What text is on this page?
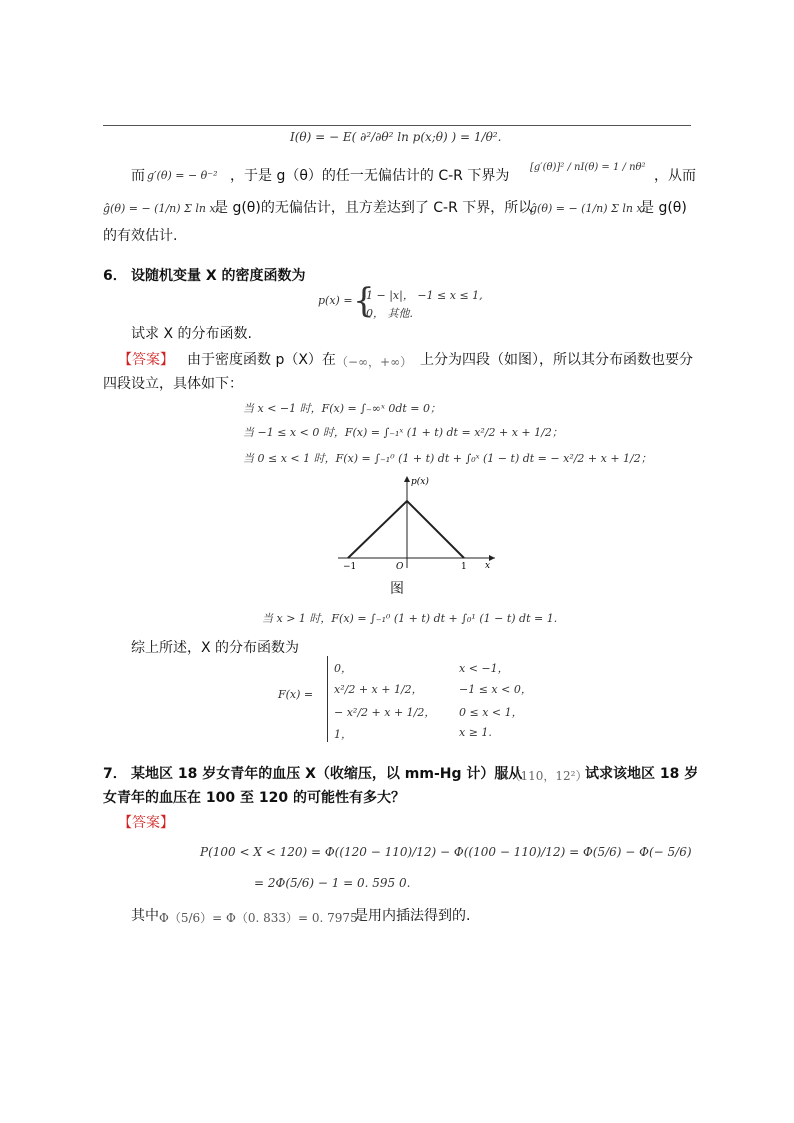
I(θ) = − E( ∂²/∂θ² ln p(x;θ) ) = 1/θ².
而 g′(θ) = − θ⁻² ，于是 g（θ）的任一无偏估计的 C-R 下界为
[g′(θ)]² / nI(θ) = 1 / nθ²
，从而
ĝ(θ) = − (1/n) Σ ln xᵢ
是 g(θ)的无偏估计，且方差达到了 C-R 下界，所以
ĝ(θ) = − (1/n) Σ ln xᵢ
是 g(θ)
的有效估计.
6． 设随机变量 X 的密度函数为
p(x) = {
1 − |x|， −1 ≤ x ≤ 1,
0， 其他.
试求 X 的分布函数.
【答案】 由于密度函数 p（X）在 （−∞，+∞） 上分为四段（如图），所以其分布函数也要分
四段设立，具体如下：
当 x < −1 时，F(x) = ∫₋∞ˣ 0dt = 0；
当 −1 ≤ x < 0 时，F(x) = ∫₋₁ˣ (1 + t) dt = x²/2 + x + 1/2；
当 0 ≤ x < 1 时，F(x) = ∫₋₁⁰ (1 + t) dt + ∫₀ˣ (1 − t) dt = − x²/2 + x + 1/2；
p(x)
x
−1	O	1
图
当 x > 1 时，F(x) = ∫₋₁⁰ (1 + t) dt + ∫₀¹ (1 − t) dt = 1.
综上所述，X 的分布函数为
F(x) =
0，	x < −1，
x²/2 + x + 1/2，	−1 ≤ x < 0，
− x²/2 + x + 1/2， 0 ≤ x < 1，
1，	x ≥ 1.
7． 某地区 18 岁女青年的血压 X（收缩压，以 mm-Hg 计）服从
N（110，12²）
试求该地区 18 岁
女青年的血压在 100 至 120 的可能性有多大？
【答案】
P(100 < X < 120) = Φ((120 − 110)/12) − Φ((100 − 110)/12) = Φ(5/6) − Φ(− 5/6)
= 2Φ(5/6) − 1 = 0. 595 0.
其中 Φ（5/6）= Φ（0. 833）= 0. 7975
是用内插法得到的.
